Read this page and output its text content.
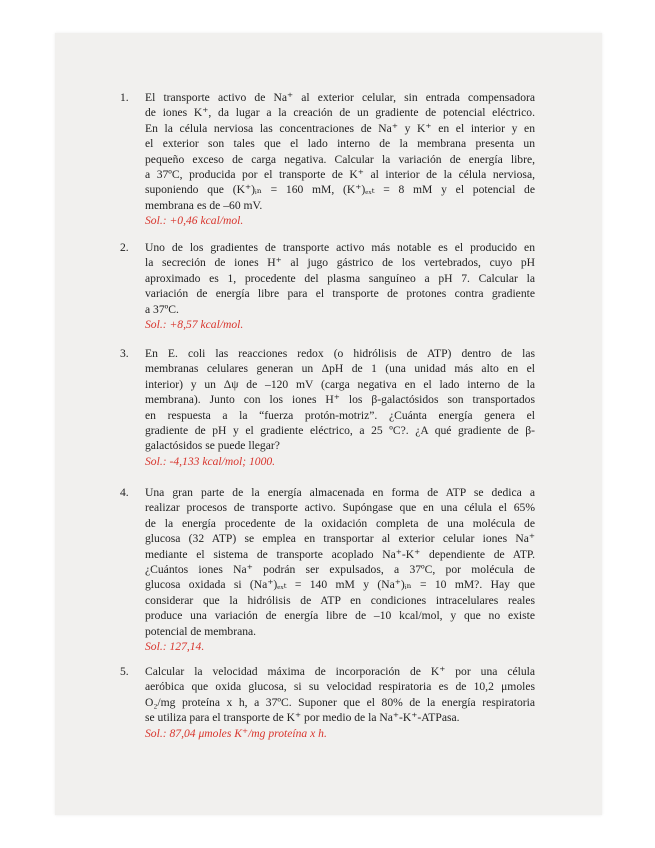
1. El transporte activo de Na⁺ al exterior celular, sin entrada compensadora
de iones K⁺, da lugar a la creación de un gradiente de potencial eléctrico.
En la célula nerviosa las concentraciones de Na⁺ y K⁺ en el interior y en
el exterior son tales que el lado interno de la membrana presenta un
pequeño exceso de carga negativa. Calcular la variación de energía libre,
a 37ºC, producida por el transporte de K⁺ al interior de la célula nerviosa,
suponiendo que (K⁺)ᵢₙ = 160 mM, (K⁺)ₑₓₜ = 8 mM y el potencial de
membrana es de –60 mV.
Sol.: +0,46 kcal/mol.
2. Uno de los gradientes de transporte activo más notable es el producido en
la secreción de iones H⁺ al jugo gástrico de los vertebrados, cuyo pH
aproximado es 1, procedente del plasma sanguíneo a pH 7. Calcular la
variación de energía libre para el transporte de protones contra gradiente
a 37ºC.
Sol.: +8,57 kcal/mol.
3. En E. coli las reacciones redox (o hidrólisis de ATP) dentro de las
membranas celulares generan un ΔpH de 1 (una unidad más alto en el
interior) y un Δψ de –120 mV (carga negativa en el lado interno de la
membrana). Junto con los iones H⁺ los β-galactósidos son transportados
en respuesta a la “fuerza protón-motriz”. ¿Cuánta energía genera el
gradiente de pH y el gradiente eléctrico, a 25 ºC?. ¿A qué gradiente de β-
galactósidos se puede llegar?
Sol.: -4,133 kcal/mol; 1000.
4. Una gran parte de la energía almacenada en forma de ATP se dedica a
realizar procesos de transporte activo. Supóngase que en una célula el 65%
de la energía procedente de la oxidación completa de una molécula de
glucosa (32 ATP) se emplea en transportar al exterior celular iones Na⁺
mediante el sistema de transporte acoplado Na⁺-K⁺ dependiente de ATP.
¿Cuántos iones Na⁺ podrán ser expulsados, a 37ºC, por molécula de
glucosa oxidada si (Na⁺)ₑₓₜ = 140 mM y (Na⁺)ᵢₙ = 10 mM?. Hay que
considerar que la hidrólisis de ATP en condiciones intracelulares reales
produce una variación de energía libre de –10 kcal/mol, y que no existe
potencial de membrana.
Sol.: 127,14.
5. Calcular la velocidad máxima de incorporación de K⁺ por una célula
aeróbica que oxida glucosa, si su velocidad respiratoria es de 10,2 μmoles
O₂/mg proteína x h, a 37ºC. Suponer que el 80% de la energía respiratoria
se utiliza para el transporte de K⁺ por medio de la Na⁺-K⁺-ATPasa.
Sol.: 87,04 μmoles K⁺/mg proteína x h.
